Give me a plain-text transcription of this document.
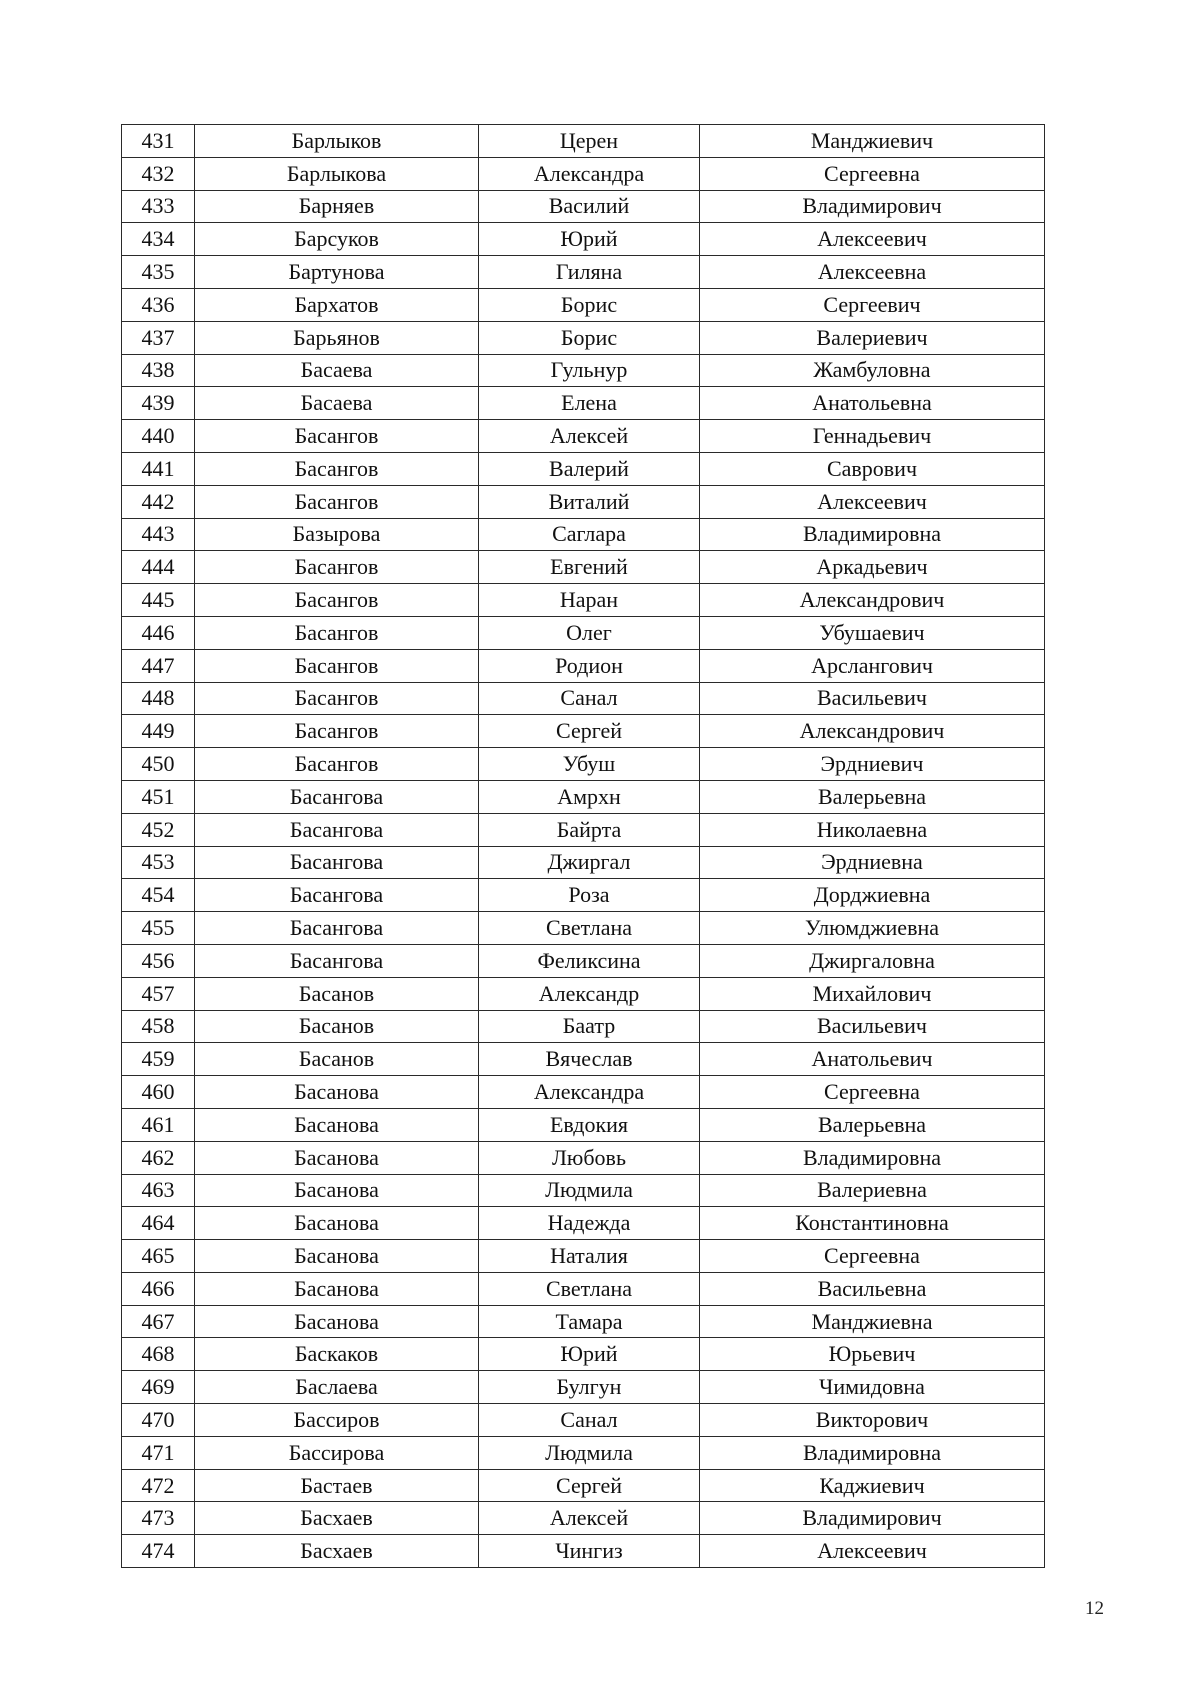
431	Барлыков	Церен	Манджиевич
432	Барлыкова	Александра	Сергеевна
433	Барняев	Василий	Владимирович
434	Барсуков	Юрий	Алексеевич
435	Бартунова	Гиляна	Алексеевна
436	Бархатов	Борис	Сергеевич
437	Барьянов	Борис	Валериевич
438	Басаева	Гульнур	Жамбуловна
439	Басаева	Елена	Анатольевна
440	Басангов	Алексей	Геннадьевич
441	Басангов	Валерий	Саврович
442	Басангов	Виталий	Алексеевич
443	Базырова	Саглара	Владимировна
444	Басангов	Евгений	Аркадьевич
445	Басангов	Наран	Александрович
446	Басангов	Олег	Убушаевич
447	Басангов	Родион	Арслангович
448	Басангов	Санал	Васильевич
449	Басангов	Сергей	Александрович
450	Басангов	Убуш	Эрдниевич
451	Басангова	Амрхн	Валерьевна
452	Басангова	Байрта	Николаевна
453	Басангова	Джиргал	Эрдниевна
454	Басангова	Роза	Дорджиевна
455	Басангова	Светлана	Улюмджиевна
456	Басангова	Феликсина	Джиргаловна
457	Басанов	Александр	Михайлович
458	Басанов	Баатр	Васильевич
459	Басанов	Вячеслав	Анатольевич
460	Басанова	Александра	Сергеевна
461	Басанова	Евдокия	Валерьевна
462	Басанова	Любовь	Владимировна
463	Басанова	Людмила	Валериевна
464	Басанова	Надежда	Константиновна
465	Басанова	Наталия	Сергеевна
466	Басанова	Светлана	Васильевна
467	Басанова	Тамара	Манджиевна
468	Баскаков	Юрий	Юрьевич
469	Баслаева	Булгун	Чимидовна
470	Бассиров	Санал	Викторович
471	Бассирова	Людмила	Владимировна
472	Бастаев	Сергей	Каджиевич
473	Басхаев	Алексей	Владимирович
474	Басхаев	Чингиз	Алексеевич
12
